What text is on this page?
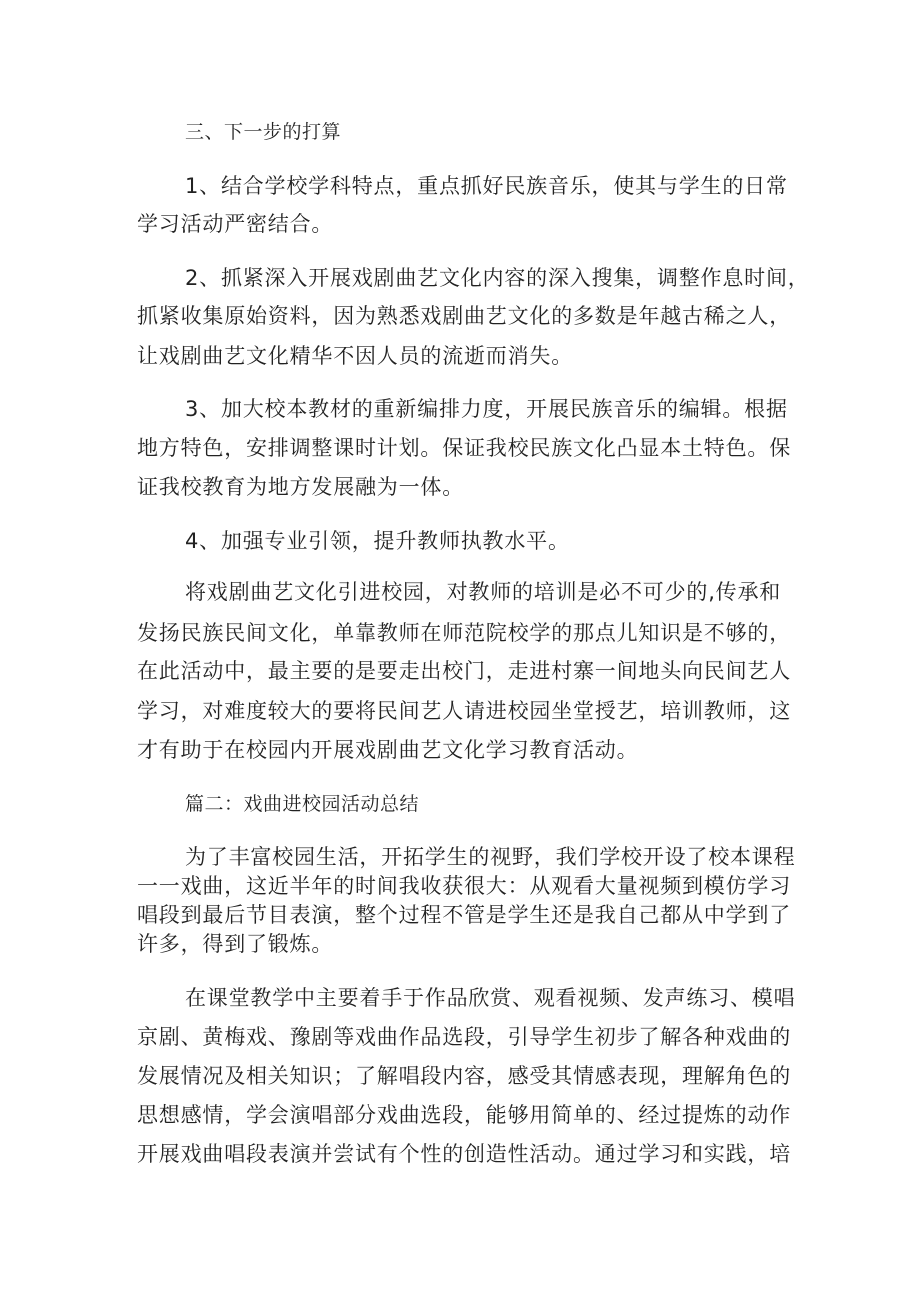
三、下一步的打算
1、结合学校学科特点，重点抓好民族音乐，使其与学生的日常
学习活动严密结合。
2、抓紧深入开展戏剧曲艺文化内容的深入搜集，调整作息时间，
抓紧收集原始资料，因为熟悉戏剧曲艺文化的多数是年越古稀之人，
让戏剧曲艺文化精华不因人员的流逝而消失。
3、加大校本教材的重新编排力度，开展民族音乐的编辑。根据
地方特色，安排调整课时计划。保证我校民族文化凸显本土特色。保
证我校教育为地方发展融为一体。
4、加强专业引领，提升教师执教水平。
将戏剧曲艺文化引进校园，对教师的培训是必不可少的,传承和
发扬民族民间文化，单靠教师在师范院校学的那点儿知识是不够的，
在此活动中，最主要的是要走出校门，走进村寨一间地头向民间艺人
学习，对难度较大的要将民间艺人请进校园坐堂授艺，培训教师，这
才有助于在校园内开展戏剧曲艺文化学习教育活动。
篇二：戏曲进校园活动总结
为了丰富校园生活，开拓学生的视野，我们学校开设了校本课程
一一戏曲，这近半年的时间我收获很大：从观看大量视频到模仿学习
唱段到最后节目表演，整个过程不管是学生还是我自己都从中学到了
许多，得到了锻炼。
在课堂教学中主要着手于作品欣赏、观看视频、发声练习、模唱
京剧、黄梅戏、豫剧等戏曲作品选段，引导学生初步了解各种戏曲的
发展情况及相关知识；了解唱段内容，感受其情感表现，理解角色的
思想感情，学会演唱部分戏曲选段，能够用简单的、经过提炼的动作
开展戏曲唱段表演并尝试有个性的创造性活动。通过学习和实践，培
